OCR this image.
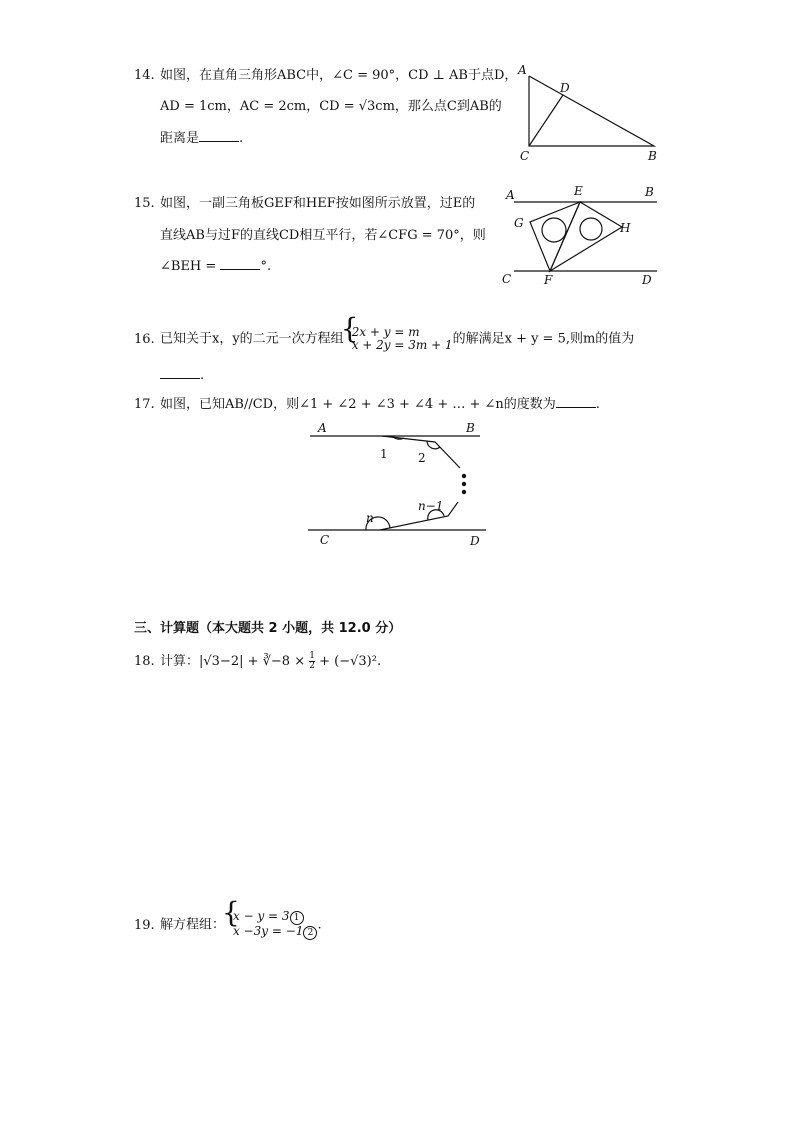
14. 如图，在直角三角形ABC中，∠C = 90°，CD ⊥ AB于点D，
AD = 1cm，AC = 2cm，CD = √3cm，那么点C到AB的
距离是	.
A
D
C	B
15. 如图，一副三角板GEF和HEF按如图所示放置，过E的
直线AB与过F的直线CD相互平行，若∠CFG = 70°，则
∠BEH =	°.
A	E	B
G	H
C	F	D
16. 已知关于x，y的二元一次方程组
{ 2x + y = m
x + 2y = 3m + 1 的解满足x + y = 5,则m的值为
.
17. 如图，已知AB//CD，则∠1 + ∠2 + ∠3 + ∠4 + … + ∠n的度数为	.
A	B
C	D
1	2
n−1
n
三、计算题（本大题共 2 小题，共 12.0 分）
18. 计算：|√3−2| + ∛−8 × $\frac{1}{2} + (-√3)^2$.
19. 解方程组：
{ x − y = 3 1
x −3y = −1 2
.
